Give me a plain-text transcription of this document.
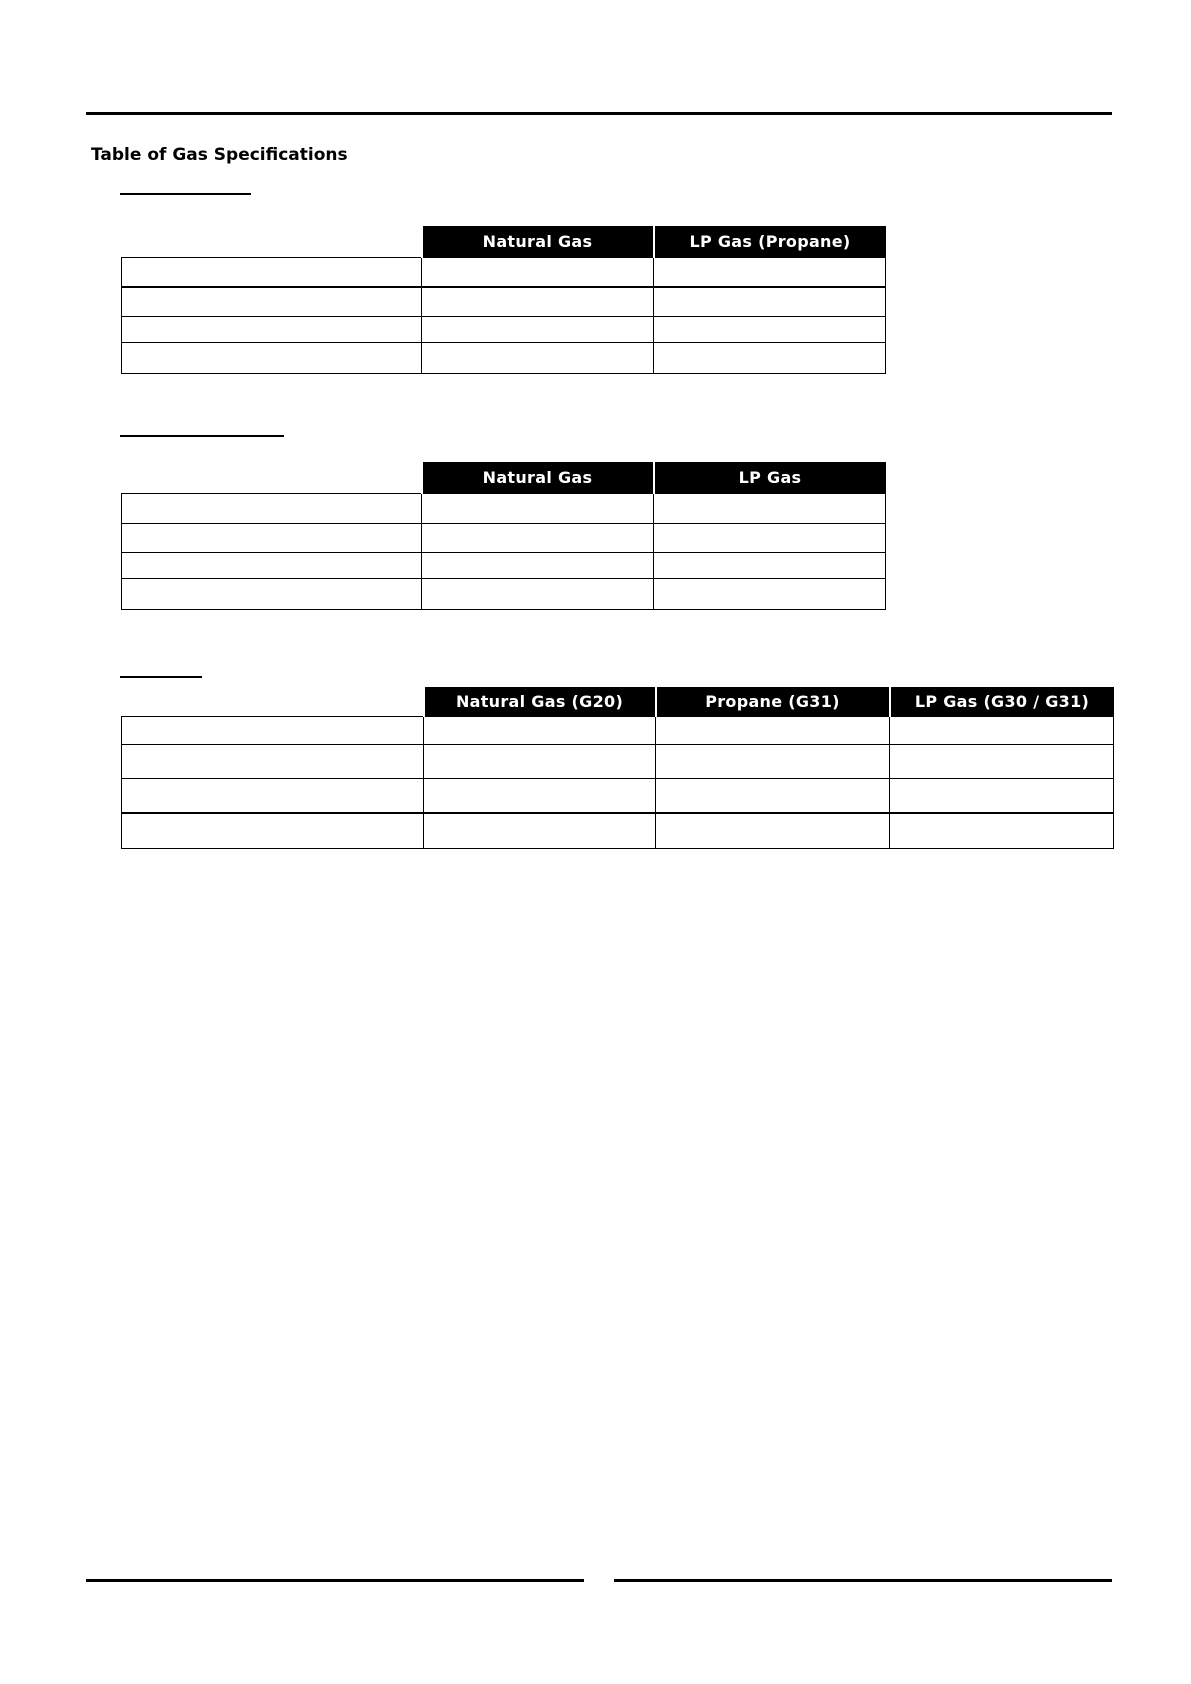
Table of Gas Specifications
	Natural Gas	LP Gas (Propane)

	Natural Gas	LP Gas

	Natural Gas (G20)	Propane (G31)	LP Gas (G30 / G31)
